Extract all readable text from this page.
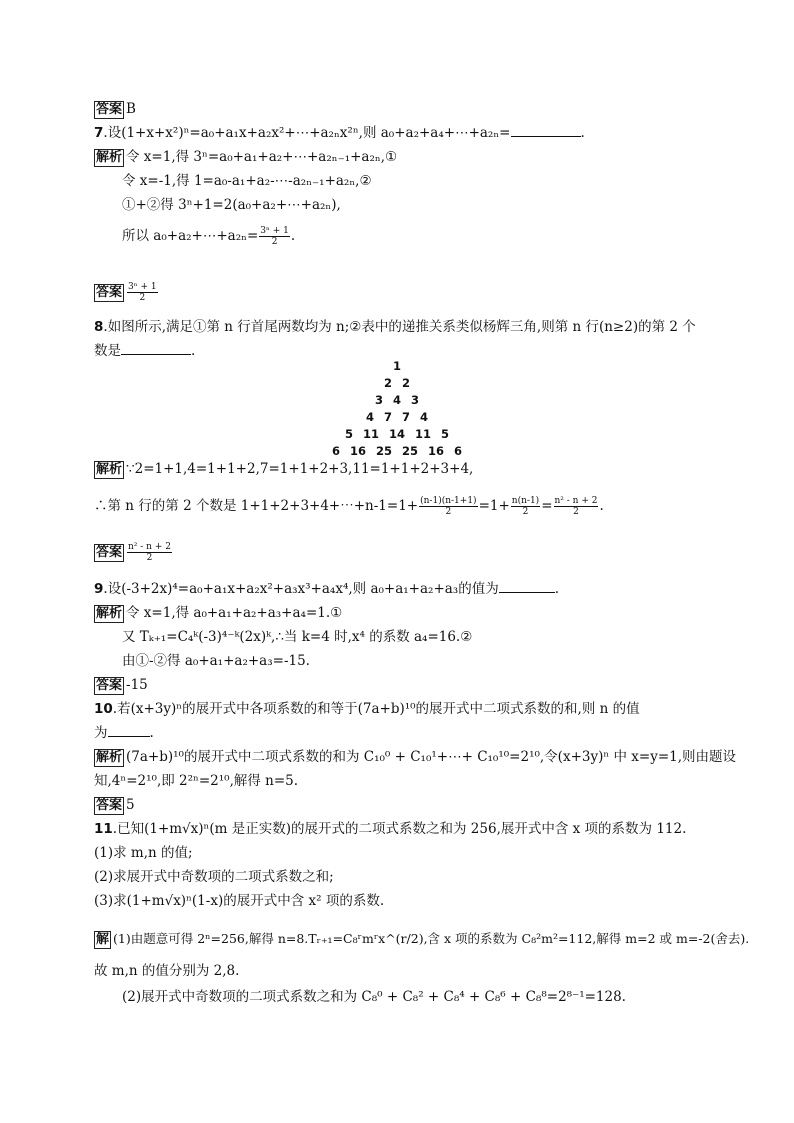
答案 B
7.设(1+x+x²)ⁿ=a₀+a₁x+a₂x²+⋯+a₂ₙx²ⁿ,则 a₀+a₂+a₄+⋯+a₂ₙ=	.
解析 令 x=1,得 3ⁿ=a₀+a₁+a₂+⋯+a₂ₙ₋₁+a₂ₙ,①
令 x=-1,得 1=a₀-a₁+a₂-⋯-a₂ₙ₋₁+a₂ₙ,②
①+②得 3ⁿ+1=2(a₀+a₂+⋯+a₂ₙ),
所以 a₀+a₂+⋯+a₂ₙ= $\frac{\text{3ⁿ + 1}}{2}$ .
答案 $\frac{\text{3ⁿ + 1}}{2}$
8.如图所示,满足①第 n 行首尾两数均为 n;②表中的递推关系类似杨辉三角,则第 n 行(n≥2)的第 2 个
数是	.
1
2 2
3 4 3
4 7 7 4
5 11 14 11 5
6 16 25 25 16 6
解析 ∵2=1+1,4=1+1+2,7=1+1+2+3,11=1+1+2+3+4,
∴第 n 行的第 2 个数是 1+1+2+3+4+⋯+n-1=1+ $\frac{(n-1)(n-1+1)}{2} =1+ \frac{n(n-1)}{2} = \frac{\text{n² - n + 2}}{2}$ .
答案 $\frac{\text{n² - n + 2}}{2}$
9.设(-3+2x)⁴=a₀+a₁x+a₂x²+a₃x³+a₄x⁴,则 a₀+a₁+a₂+a₃的值为	.
解析 令 x=1,得 a₀+a₁+a₂+a₃+a₄=1.①
又 Tₖ₊₁=C₄ᵏ(-3)⁴⁻ᵏ(2x)ᵏ,∴当 k=4 时,x⁴ 的系数 a₄=16.②
由①-②得 a₀+a₁+a₂+a₃=-15.
答案 -15
10.若(x+3y)ⁿ的展开式中各项系数的和等于(7a+b)¹⁰的展开式中二项式系数的和,则 n 的值
为	.
解析 (7a+b)¹⁰的展开式中二项式系数的和为 C₁₀⁰ + C₁₀¹+⋯+ C₁₀¹⁰=2¹⁰,令(x+3y)ⁿ 中 x=y=1,则由题设
知,4ⁿ=2¹⁰,即 2²ⁿ=2¹⁰,解得 n=5.
答案 5
11.已知(1+m√x)ⁿ(m 是正实数)的展开式的二项式系数之和为 256,展开式中含 x 项的系数为 112.
(1)求 m,n 的值;
(2)求展开式中奇数项的二项式系数之和;
(3)求(1+m√x)ⁿ(1-x)的展开式中含 x² 项的系数.
解 (1)由题意可得 2ⁿ=256,解得 n=8.Tᵣ₊₁=C₈ʳmʳx^(r/2),含 x 项的系数为 C₈²m²=112,解得 m=2 或 m=-2(舍去).
故 m,n 的值分别为 2,8.
(2)展开式中奇数项的二项式系数之和为 C₈⁰ + C₈² + C₈⁴ + C₈⁶ + C₈⁸=2⁸⁻¹=128.
